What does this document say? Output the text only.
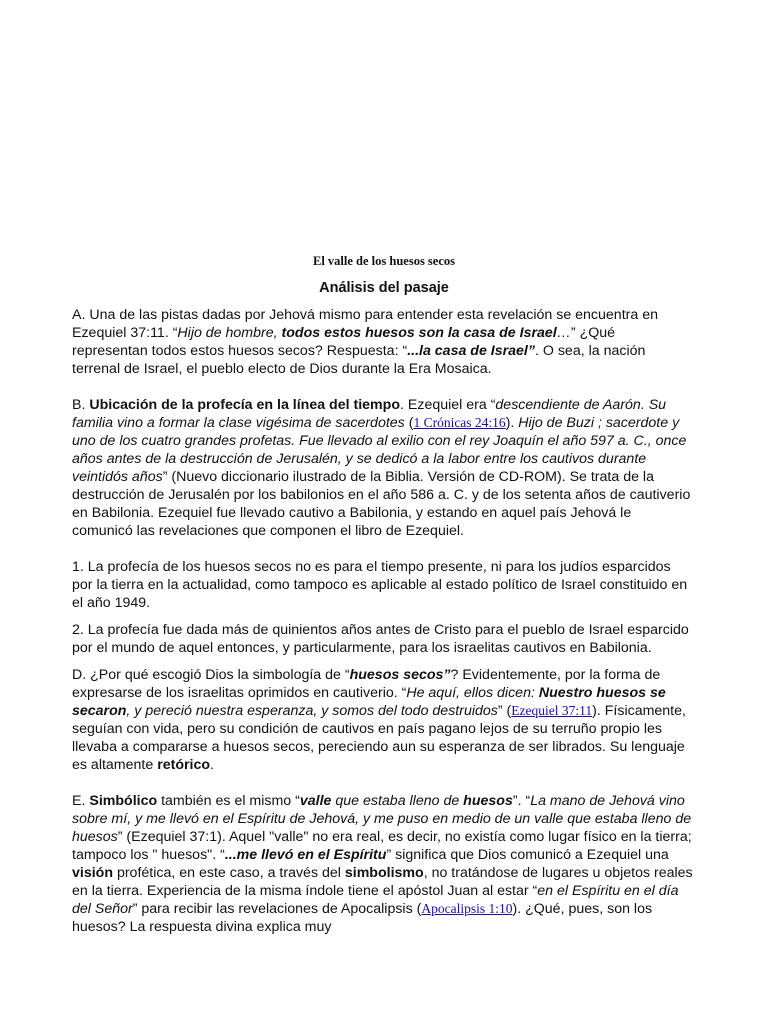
El valle de los huesos secos
Análisis del pasaje

A. Una de las pistas dadas por Jehová mismo para entender esta revelación se encuentra en Ezequiel 37:11. “Hijo de hombre, todos estos huesos son la casa de Israel…” ¿Qué representan todos estos huesos secos? Respuesta: “...la casa de Israel”. O sea, la nación terrenal de Israel, el pueblo electo de Dios durante la Era Mosaica.

B. Ubicación de la profecía en la línea del tiempo. Ezequiel era “descendiente de Aarón. Su familia vino a formar la clase vigésima de sacerdotes (1 Crónicas 24:16). Hijo de Buzi ; sacerdote y uno de los cuatro grandes profetas. Fue llevado al exilio con el rey Joaquín el año 597 a. C., once años antes de la destrucción de Jerusalén, y se dedicó a la labor entre los cautivos durante veintidós años” (Nuevo diccionario ilustrado de la Biblia. Versión de CD-ROM). Se trata de la destrucción de Jerusalén por los babilonios en el año 586 a. C. y de los setenta años de cautiverio en Babilonia. Ezequiel fue llevado cautivo a Babilonia, y estando en aquel país Jehová le comunicó las revelaciones que componen el libro de Ezequiel.

1. La profecía de los huesos secos no es para el tiempo presente, ni para los judíos esparcidos por la tierra en la actualidad, como tampoco es aplicable al estado político de Israel constituido en el año 1949.

2. La profecía fue dada más de quinientos años antes de Cristo para el pueblo de Israel esparcido por el mundo de aquel entonces, y particularmente, para los israelitas cautivos en Babilonia.

D. ¿Por qué escogió Dios la simbología de “huesos secos”? Evidentemente, por la forma de expresarse de los israelitas oprimidos en cautiverio. “He aquí, ellos dicen: Nuestro huesos se secaron, y pereció nuestra esperanza, y somos del todo destruidos” (Ezequiel 37:11). Físicamente, seguían con vida, pero su condición de cautivos en país pagano lejos de su terruño propio les llevaba a compararse a huesos secos, pereciendo aun su esperanza de ser librados. Su lenguaje es altamente retórico.

E. Simbólico también es el mismo “valle que estaba lleno de huesos”. “La mano de Jehová vino sobre mí, y me llevó en el Espíritu de Jehová, y me puso en medio de un valle que estaba lleno de huesos” (Ezequiel 37:1). Aquel "valle" no era real, es decir, no existía como lugar físico en la tierra; tampoco los " huesos". “...me llevó en el Espíritu” significa que Dios comunicó a Ezequiel una visión profética, en este caso, a través del simbolismo, no tratándose de lugares u objetos reales en la tierra. Experiencia de la misma índole tiene el apóstol Juan al estar “en el Espíritu en el día del Señor” para recibir las revelaciones de Apocalipsis (Apocalipsis 1:10). ¿Qué, pues, son los huesos? La respuesta divina explica muy
